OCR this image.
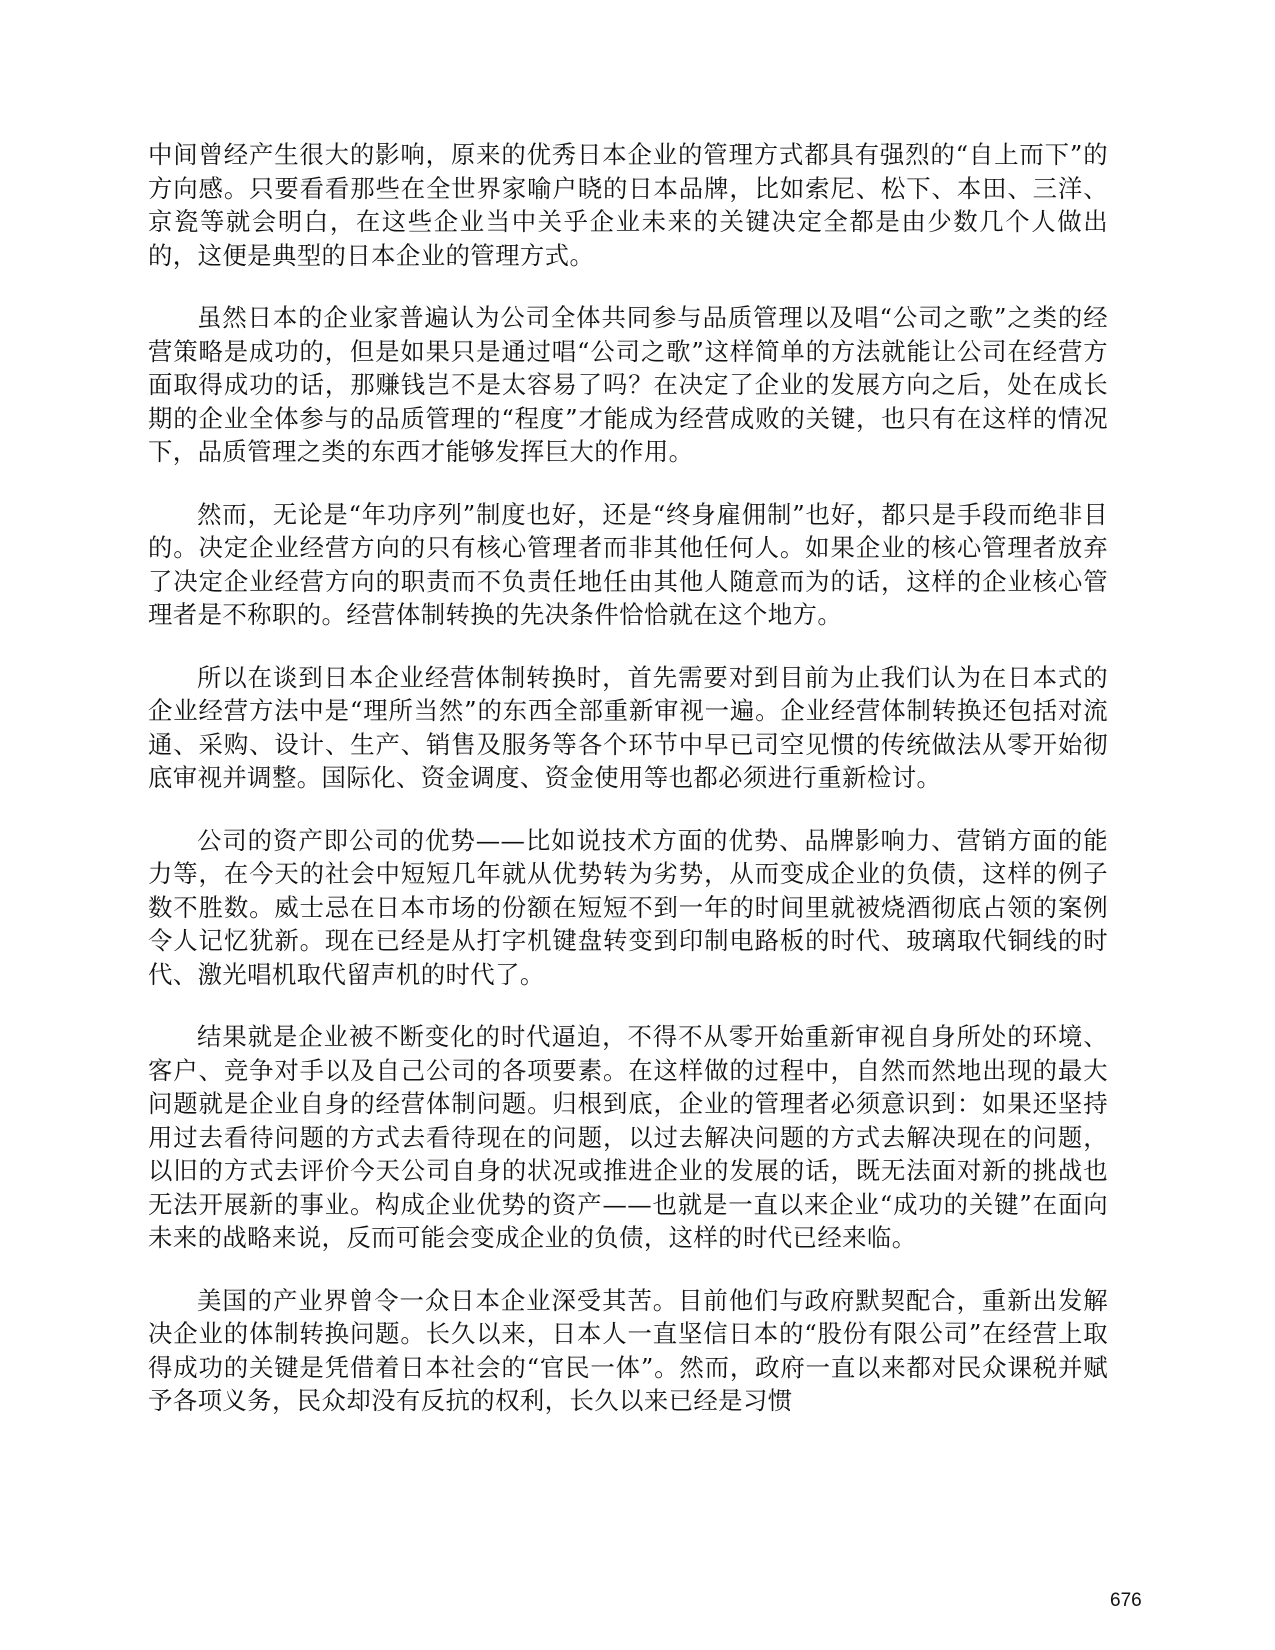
中间曾经产生很大的影响，原来的优秀日本企业的管理方式都具有强烈的“自上而下”的方向感。只要看看那些在全世界家喻户晓的日本品牌，比如索尼、松下、本田、三洋、京瓷等就会明白，在这些企业当中关乎企业未来的关键决定全都是由少数几个人做出的，这便是典型的日本企业的管理方式。

虽然日本的企业家普遍认为公司全体共同参与品质管理以及唱“公司之歌”之类的经营策略是成功的，但是如果只是通过唱“公司之歌”这样简单的方法就能让公司在经营方面取得成功的话，那赚钱岂不是太容易了吗？在决定了企业的发展方向之后，处在成长期的企业全体参与的品质管理的“程度”才能成为经营成败的关键，也只有在这样的情况下，品质管理之类的东西才能够发挥巨大的作用。

然而，无论是“年功序列”制度也好，还是“终身雇佣制”也好，都只是手段而绝非目的。决定企业经营方向的只有核心管理者而非其他任何人。如果企业的核心管理者放弃了决定企业经营方向的职责而不负责任地任由其他人随意而为的话，这样的企业核心管理者是不称职的。经营体制转换的先决条件恰恰就在这个地方。

所以在谈到日本企业经营体制转换时，首先需要对到目前为止我们认为在日本式的企业经营方法中是“理所当然”的东西全部重新审视一遍。企业经营体制转换还包括对流通、采购、设计、生产、销售及服务等各个环节中早已司空见惯的传统做法从零开始彻底审视并调整。国际化、资金调度、资金使用等也都必须进行重新检讨。

公司的资产即公司的优势——比如说技术方面的优势、品牌影响力、营销方面的能力等，在今天的社会中短短几年就从优势转为劣势，从而变成企业的负债，这样的例子数不胜数。威士忌在日本市场的份额在短短不到一年的时间里就被烧酒彻底占领的案例令人记忆犹新。现在已经是从打字机键盘转变到印制电路板的时代、玻璃取代铜线的时代、激光唱机取代留声机的时代了。

结果就是企业被不断变化的时代逼迫，不得不从零开始重新审视自身所处的环境、客户、竞争对手以及自己公司的各项要素。在这样做的过程中，自然而然地出现的最大问题就是企业自身的经营体制问题。归根到底，企业的管理者必须意识到：如果还坚持用过去看待问题的方式去看待现在的问题，以过去解决问题的方式去解决现在的问题，以旧的方式去评价今天公司自身的状况或推进企业的发展的话，既无法面对新的挑战也无法开展新的事业。构成企业优势的资产——也就是一直以来企业“成功的关键”在面向未来的战略来说，反而可能会变成企业的负债，这样的时代已经来临。

美国的产业界曾令一众日本企业深受其苦。目前他们与政府默契配合，重新出发解决企业的体制转换问题。长久以来，日本人一直坚信日本的“股份有限公司”在经营上取得成功的关键是凭借着日本社会的“官民一体”。然而，政府一直以来都对民众课税并赋予各项义务，民众却没有反抗的权利，长久以来已经是习惯

676
